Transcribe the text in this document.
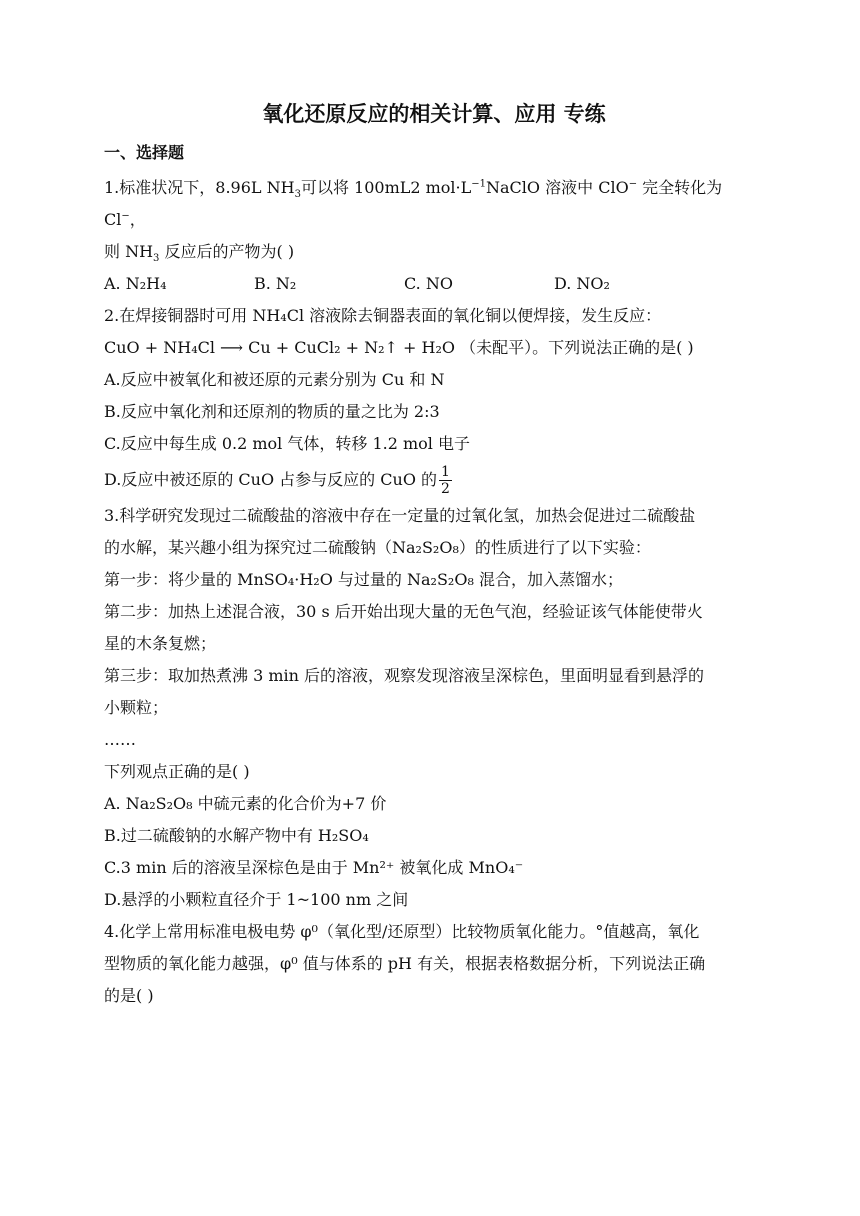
氧化还原反应的相关计算、应用 专练
一、选择题

1.标准状况下，8.96L $NH_3$可以将 100mL2 $mol\cdot L^{-1}NaClO$ 溶液中 ClO− 完全转化为 Cl−，

则 $NH_3$ 反应后的产物为( )

A. N₂H₄	B. N₂	C. NO	D. NO₂

2.在焊接铜器时可用 NH₄Cl 溶液除去铜器表面的氧化铜以便焊接，发生反应：

CuO + NH₄Cl ⟶ Cu + CuCl₂ + N₂↑ + H₂O （未配平）。下列说法正确的是( )

A.反应中被氧化和被还原的元素分别为 Cu 和 N

B.反应中氧化剂和还原剂的物质的量之比为 2:3

C.反应中每生成 0.2 mol 气体，转移 1.2 mol 电子

D.反应中被还原的 CuO 占参与反应的 CuO 的 $\frac{1}{2}$

3.科学研究发现过二硫酸盐的溶液中存在一定量的过氧化氢，加热会促进过二硫酸盐

的水解，某兴趣小组为探究过二硫酸钠（Na₂S₂O₈）的性质进行了以下实验：

第一步：将少量的 MnSO₄·H₂O 与过量的 Na₂S₂O₈ 混合，加入蒸馏水；

第二步：加热上述混合液，30 s 后开始出现大量的无色气泡，经验证该气体能使带火

星的木条复燃；

第三步：取加热煮沸 3 min 后的溶液，观察发现溶液呈深棕色，里面明显看到悬浮的

小颗粒；

……

下列观点正确的是( )

A. Na₂S₂O₈ 中硫元素的化合价为+7 价

B.过二硫酸钠的水解产物中有 H₂SO₄

C.3 min 后的溶液呈深棕色是由于 Mn²⁺ 被氧化成 MnO₄⁻

D.悬浮的小颗粒直径介于 1~100 nm 之间

4.化学上常用标准电极电势 φ⁰（氧化型/还原型）比较物质氧化能力。°值越高，氧化

型物质的氧化能力越强，φ⁰ 值与体系的 pH 有关，根据表格数据分析，下列说法正确

的是( )
